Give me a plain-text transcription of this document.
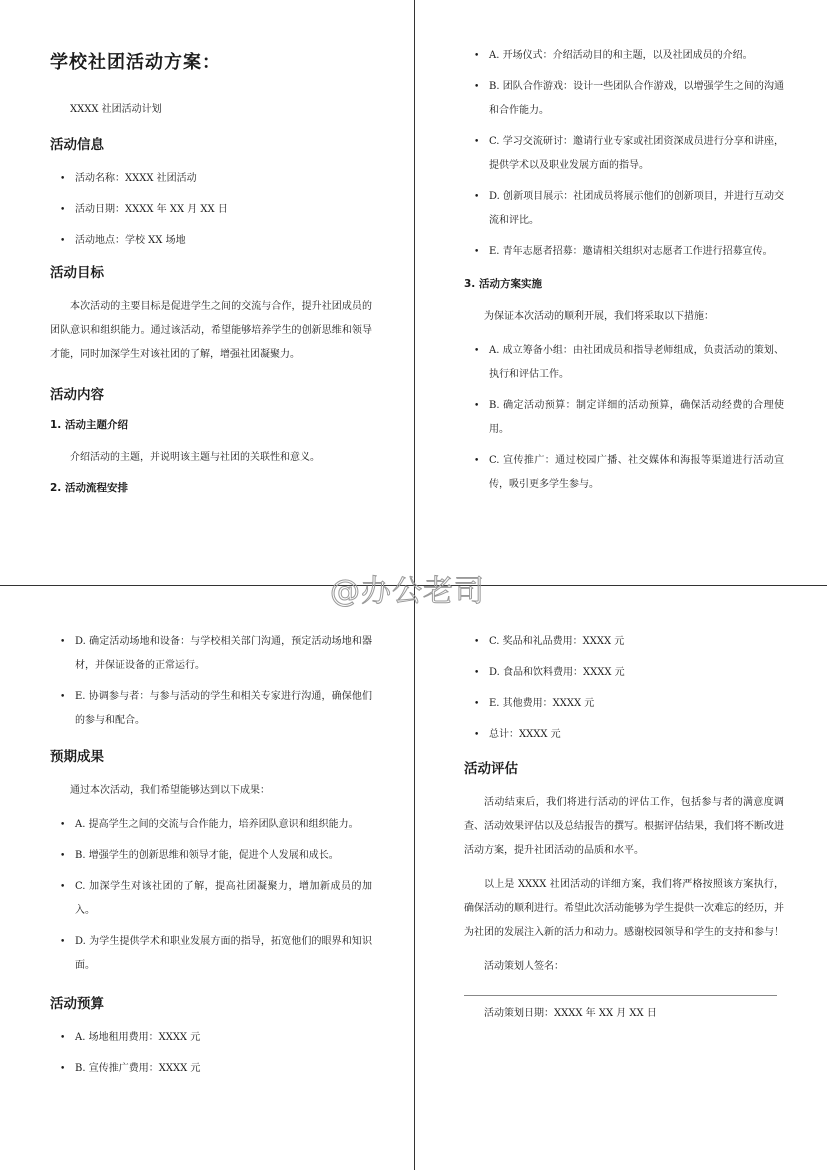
学校社团活动方案：
XXXX 社团活动计划
活动信息
• 活动名称：XXXX 社团活动
• 活动日期：XXXX 年 XX 月 XX 日
• 活动地点：学校 XX 场地
活动目标

本次活动的主要目标是促进学生之间的交流与合作，提升社团成员的团队意识和组织能力。通过该活动，希望能够培养学生的创新思维和领导才能，同时加深学生对该社团的了解，增强社团凝聚力。

活动内容
1. 活动主题介绍

介绍活动的主题，并说明该主题与社团的关联性和意义。

2. 活动流程安排
• A. 开场仪式：介绍活动目的和主题，以及社团成员的介绍。
• B. 团队合作游戏：设计一些团队合作游戏，以增强学生之间的沟通和合作能力。
• C. 学习交流研讨：邀请行业专家或社团资深成员进行分享和讲座，提供学术以及职业发展方面的指导。
• D. 创新项目展示：社团成员将展示他们的创新项目，并进行互动交流和评比。
• E. 青年志愿者招募：邀请相关组织对志愿者工作进行招募宣传。
3. 活动方案实施

为保证本次活动的顺利开展，我们将采取以下措施：

• A. 成立筹备小组：由社团成员和指导老师组成，负责活动的策划、执行和评估工作。
• B. 确定活动预算：制定详细的活动预算，确保活动经费的合理使用。
• C. 宣传推广：通过校园广播、社交媒体和海报等渠道进行活动宣传，吸引更多学生参与。
• D. 确定活动场地和设备：与学校相关部门沟通，预定活动场地和器材，并保证设备的正常运行。
• E. 协调参与者：与参与活动的学生和相关专家进行沟通，确保他们的参与和配合。
预期成果

通过本次活动，我们希望能够达到以下成果：

• A. 提高学生之间的交流与合作能力，培养团队意识和组织能力。
• B. 增强学生的创新思维和领导才能，促进个人发展和成长。
• C. 加深学生对该社团的了解，提高社团凝聚力，增加新成员的加入。
• D. 为学生提供学术和职业发展方面的指导，拓宽他们的眼界和知识面。
活动预算
• A. 场地租用费用：XXXX 元
• B. 宣传推广费用：XXXX 元
• C. 奖品和礼品费用：XXXX 元
• D. 食品和饮料费用：XXXX 元
• E. 其他费用：XXXX 元
• 总计：XXXX 元
活动评估

活动结束后，我们将进行活动的评估工作，包括参与者的满意度调查、活动效果评估以及总结报告的撰写。根据评估结果，我们将不断改进活动方案，提升社团活动的品质和水平。

以上是 XXXX 社团活动的详细方案，我们将严格按照该方案执行，确保活动的顺利进行。希望此次活动能够为学生提供一次难忘的经历，并为社团的发展注入新的活力和动力。感谢校园领导和学生的支持和参与！

活动策划人签名：

活动策划日期：XXXX 年 XX 月 XX 日

@办公老司
